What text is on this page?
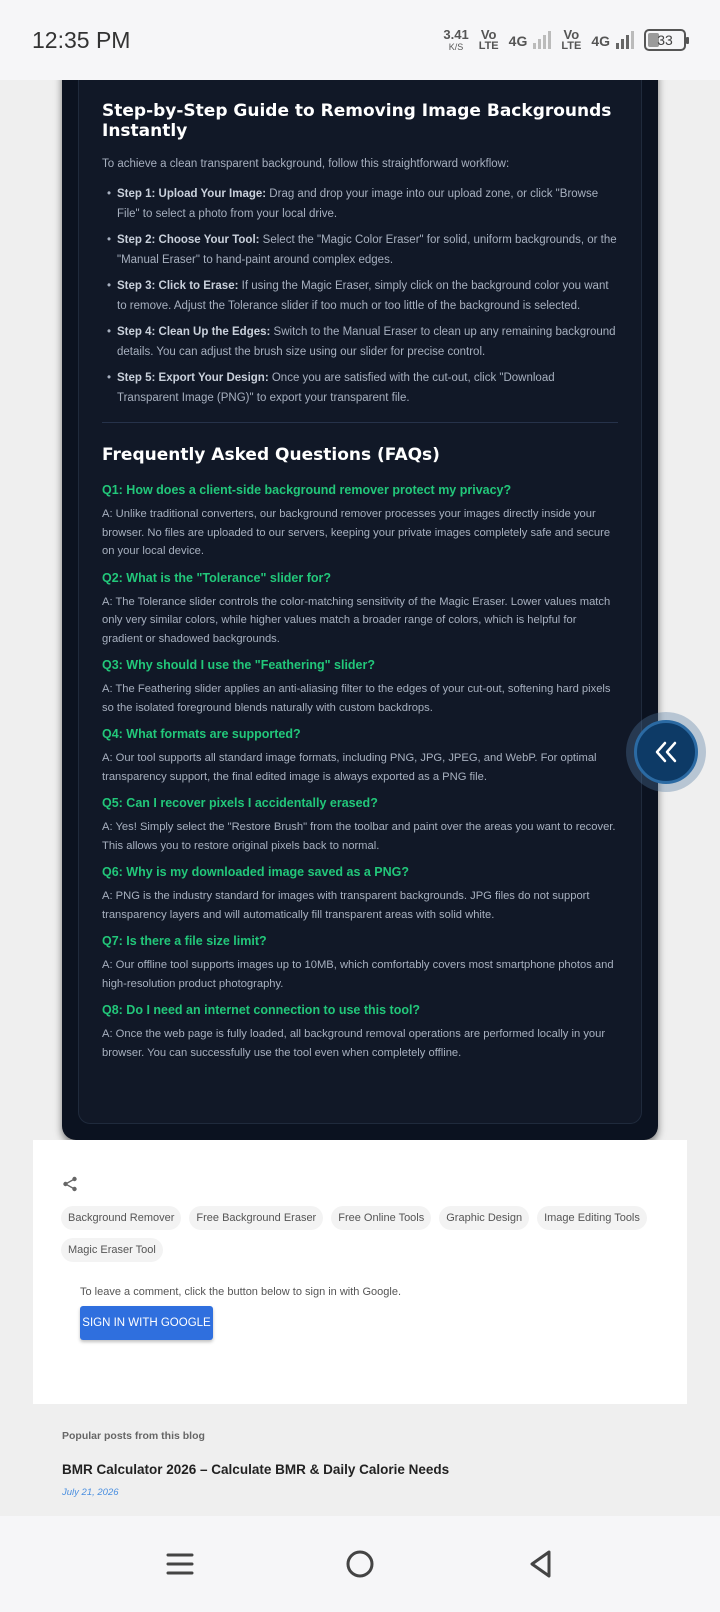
12:35 PM	3.41
K/S
Vo
LTE 4G	Vo
LTE 4G	33
Step-by-Step Guide to Removing Image Backgrounds Instantly

To achieve a clean transparent background, follow this straightforward workflow:

• Step 1: Upload Your Image: Drag and drop your image into our upload zone, or click "Browse File" to select a photo from your local drive.
• Step 2: Choose Your Tool: Select the "Magic Color Eraser" for solid, uniform backgrounds, or the "Manual Eraser" to hand-paint around complex edges.
• Step 3: Click to Erase: If using the Magic Eraser, simply click on the background color you want to remove. Adjust the Tolerance slider if too much or too little of the background is selected.
• Step 4: Clean Up the Edges: Switch to the Manual Eraser to clean up any remaining background details. You can adjust the brush size using our slider for precise control.
• Step 5: Export Your Design: Once you are satisfied with the cut-out, click "Download Transparent Image (PNG)" to export your transparent file.
Frequently Asked Questions (FAQs)
Q1: How does a client-side background remover protect my privacy?
A: Unlike traditional converters, our background remover processes your images directly inside your browser. No files are uploaded to our servers, keeping your private images completely safe and secure on your local device.
Q2: What is the "Tolerance" slider for?
A: The Tolerance slider controls the color-matching sensitivity of the Magic Eraser. Lower values match only very similar colors, while higher values match a broader range of colors, which is helpful for gradient or shadowed backgrounds.
Q3: Why should I use the "Feathering" slider?
A: The Feathering slider applies an anti-aliasing filter to the edges of your cut-out, softening hard pixels so the isolated foreground blends naturally with custom backdrops.
Q4: What formats are supported?
A: Our tool supports all standard image formats, including PNG, JPG, JPEG, and WebP. For optimal transparency support, the final edited image is always exported as a PNG file.
Q5: Can I recover pixels I accidentally erased?
A: Yes! Simply select the "Restore Brush" from the toolbar and paint over the areas you want to recover. This allows you to restore original pixels back to normal.
Q6: Why is my downloaded image saved as a PNG?
A: PNG is the industry standard for images with transparent backgrounds. JPG files do not support transparency layers and will automatically fill transparent areas with solid white.
Q7: Is there a file size limit?
A: Our offline tool supports images up to 10MB, which comfortably covers most smartphone photos and high-resolution product photography.
Q8: Do I need an internet connection to use this tool?
A: Once the web page is fully loaded, all background removal operations are performed locally in your browser. You can successfully use the tool even when completely offline.
Background Remover	Free Background Eraser	Free Online Tools	Graphic Design	Image Editing Tools
Magic Eraser Tool
To leave a comment, click the button below to sign in with Google.
SIGN IN WITH GOOGLE
Popular posts from this blog
BMR Calculator 2026 – Calculate BMR & Daily Calorie Needs
July 21, 2026
